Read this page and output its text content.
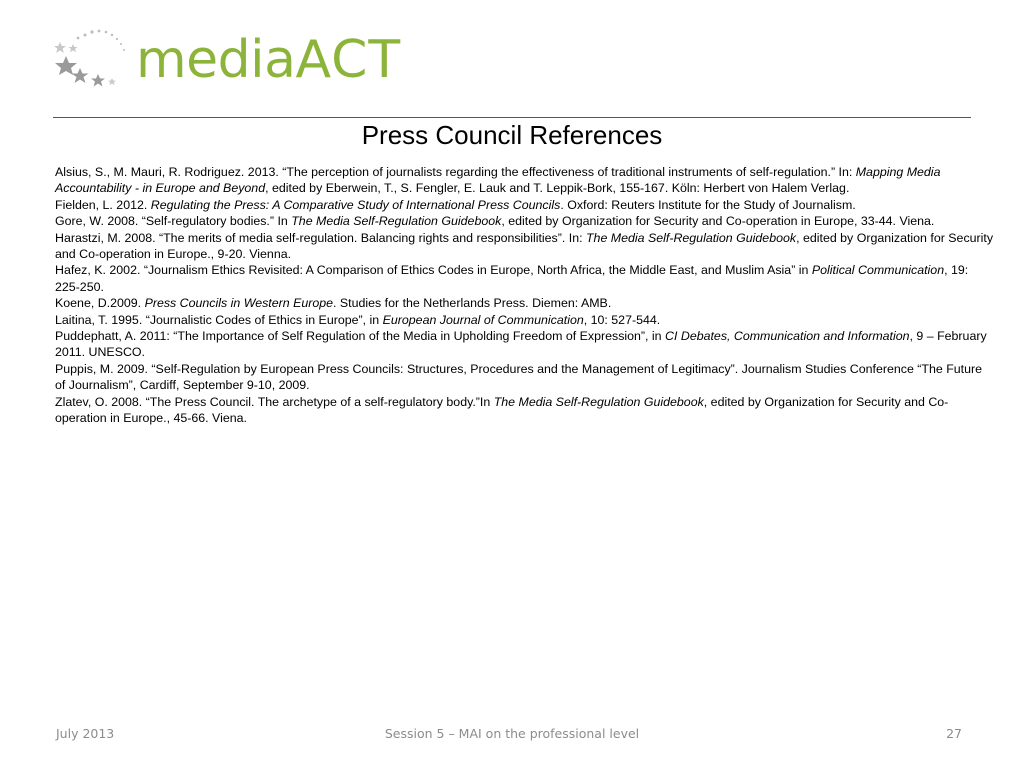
mediaACT
Press Council References

Alsius, S., M. Mauri, R. Rodriguez. 2013. “The perception of journalists regarding the effectiveness of traditional instruments of self-regulation.” In: Mapping Media Accountability - in Europe and Beyond, edited by Eberwein, T., S. Fengler, E. Lauk and T. Leppik-Bork, 155-167. Köln: Herbert von Halem Verlag.

Fielden, L. 2012. Regulating the Press: A Comparative Study of International Press Councils. Oxford: Reuters Institute for the Study of Journalism.

Gore, W. 2008. “Self-regulatory bodies.” In The Media Self-Regulation Guidebook, edited by Organization for Security and Co-operation in Europe, 33-44. Viena.

Harastzi, M. 2008. “The merits of media self-regulation. Balancing rights and responsibilities”. In: The Media Self-Regulation Guidebook, edited by Organization for Security and Co-operation in Europe., 9-20. Vienna.

Hafez, K. 2002. “Journalism Ethics Revisited: A Comparison of Ethics Codes in Europe, North Africa, the Middle East, and Muslim Asia” in Political Communication, 19: 225-250.

Koene, D.2009. Press Councils in Western Europe. Studies for the Netherlands Press. Diemen: AMB.

Laitina, T. 1995. “Journalistic Codes of Ethics in Europe”, in European Journal of Communication, 10: 527-544.

Puddephatt, A. 2011: “The Importance of Self Regulation of the Media in Upholding Freedom of Expression”, in CI Debates, Communication and Information, 9 – February 2011. UNESCO.

Puppis, M. 2009. “Self-Regulation by European Press Councils: Structures, Procedures and the Management of Legitimacy”. Journalism Studies Conference “The Future of Journalism”, Cardiff, September 9-10, 2009.

Zlatev, O. 2008. “The Press Council. The archetype of a self-regulatory body.”In The Media Self-Regulation Guidebook, edited by Organization for Security and Co-operation in Europe., 45-66. Viena.

July 2013	Session 5 – MAI on the professional level	27
